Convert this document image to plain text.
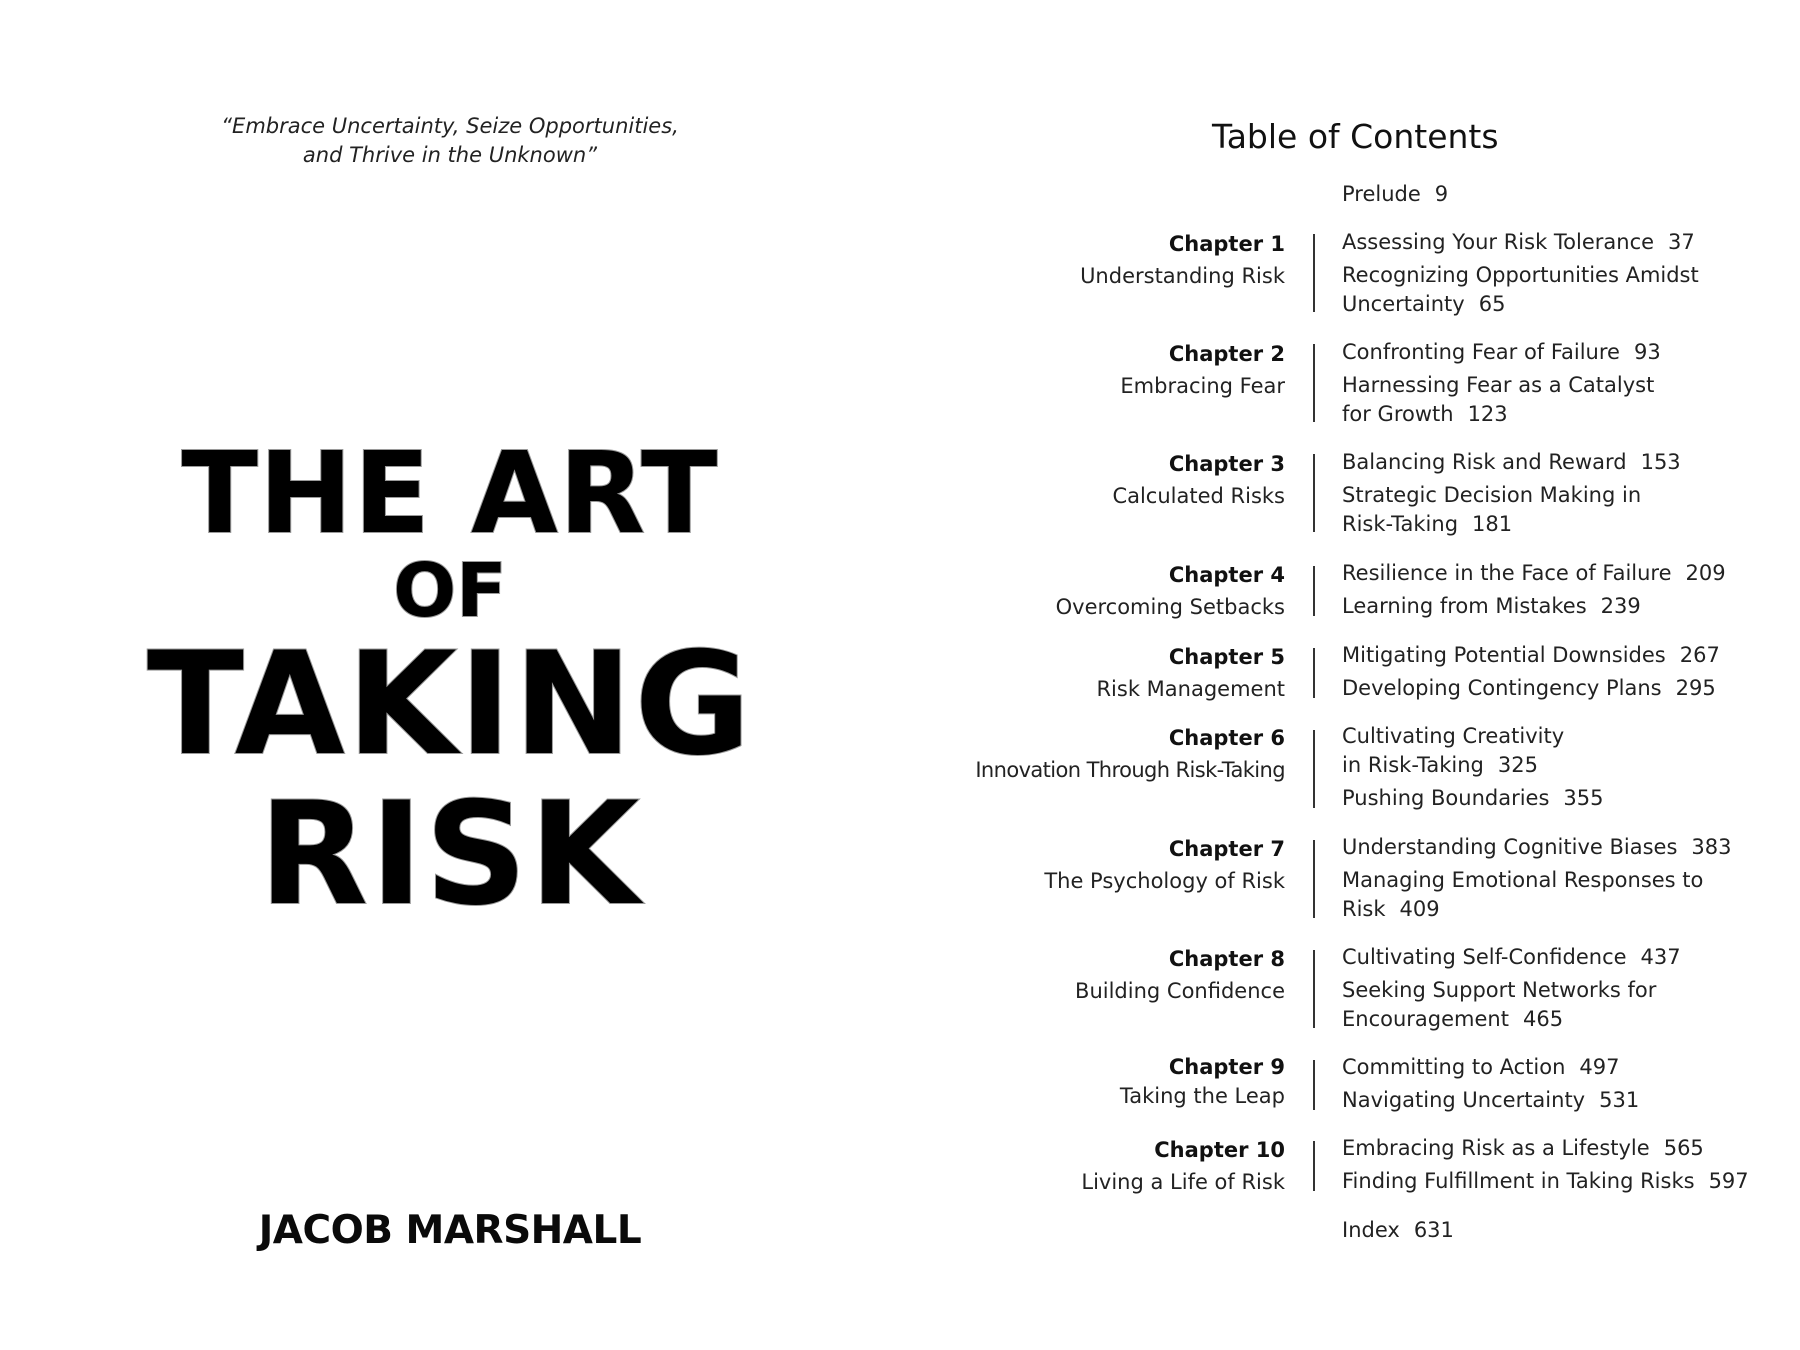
“Embrace Uncertainty, Seize Opportunities,
and Thrive in the Unknown”
THE ART
OF
TAKING
RISK
JACOB MARSHALL
Table of Contents
Prelude 9
Chapter 1
Understanding Risk
Assessing Your Risk Tolerance 37
Recognizing Opportunities Amidst Uncertainty 65
Chapter 2
Embracing Fear
Confronting Fear of Failure 93
Harnessing Fear as a Catalyst for Growth 123
Chapter 3
Calculated Risks
Balancing Risk and Reward 153
Strategic Decision Making in Risk-Taking 181
Chapter 4
Overcoming Setbacks
Resilience in the Face of Failure 209
Learning from Mistakes 239
Chapter 5
Risk Management
Mitigating Potential Downsides 267
Developing Contingency Plans 295
Chapter 6
Innovation Through Risk-Taking
Cultivating Creativity in Risk-Taking 325
Pushing Boundaries 355
Chapter 7
The Psychology of Risk
Understanding Cognitive Biases 383
Managing Emotional Responses to Risk 409
Chapter 8
Building Confidence
Cultivating Self-Confidence 437
Seeking Support Networks for Encouragement 465
Chapter 9
Taking the Leap
Committing to Action 497
Navigating Uncertainty 531
Chapter 10
Living a Life of Risk
Embracing Risk as a Lifestyle 565
Finding Fulfillment in Taking Risks 597
Index 631
